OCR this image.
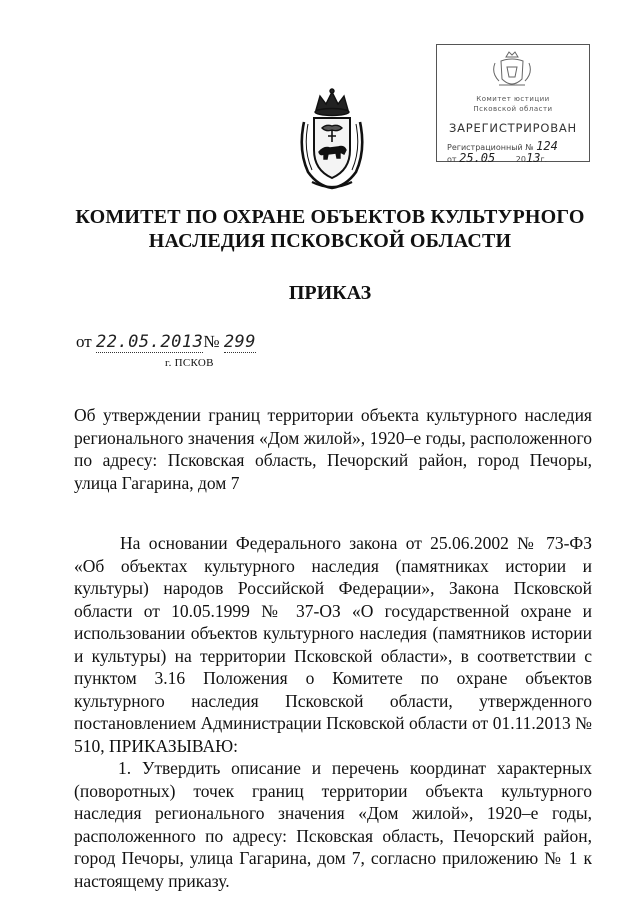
Комитет юстиции
Псковской области
ЗАРЕГИСТРИРОВАН
Регистрационный № 124
от 25.05	2013г.
КОМИТЕТ ПО ОХРАНЕ ОБЪЕКТОВ КУЛЬТУРНОГО
НАСЛЕДИЯ ПСКОВСКОЙ ОБЛАСТИ
ПРИКАЗ
от 22.05.2013№ 299
г. ПСКОВ
Об утверждении границ территории объекта культурного наследия регионального значения «Дом жилой», 1920–е годы, расположенного по адресу: Псковская область, Печорский район, город Печоры, улица Гагарина, дом 7

На основании Федерального закона от 25.06.2002 № 73-ФЗ «Об объектах культурного наследия (памятниках истории и культуры) народов Российской Федерации», Закона Псковской области от 10.05.1999 № 37-ОЗ «О государственной охране и использовании объектов культурного наследия (памятников истории и культуры) на территории Псковской области», в соответствии с пунктом 3.16 Положения о Комитете по охране объектов культурного наследия Псковской области, утвержденного постановлением Администрации Псковской области от 01.11.2013 № 510, ПРИКАЗЫВАЮ:

1. Утвердить описание и перечень координат характерных (поворотных) точек границ территории объекта культурного наследия регионального значения «Дом жилой», 1920–е годы, расположенного по адресу: Псковская область, Печорский район, город Печоры, улица Гагарина, дом 7, согласно приложению № 1 к настоящему приказу.
